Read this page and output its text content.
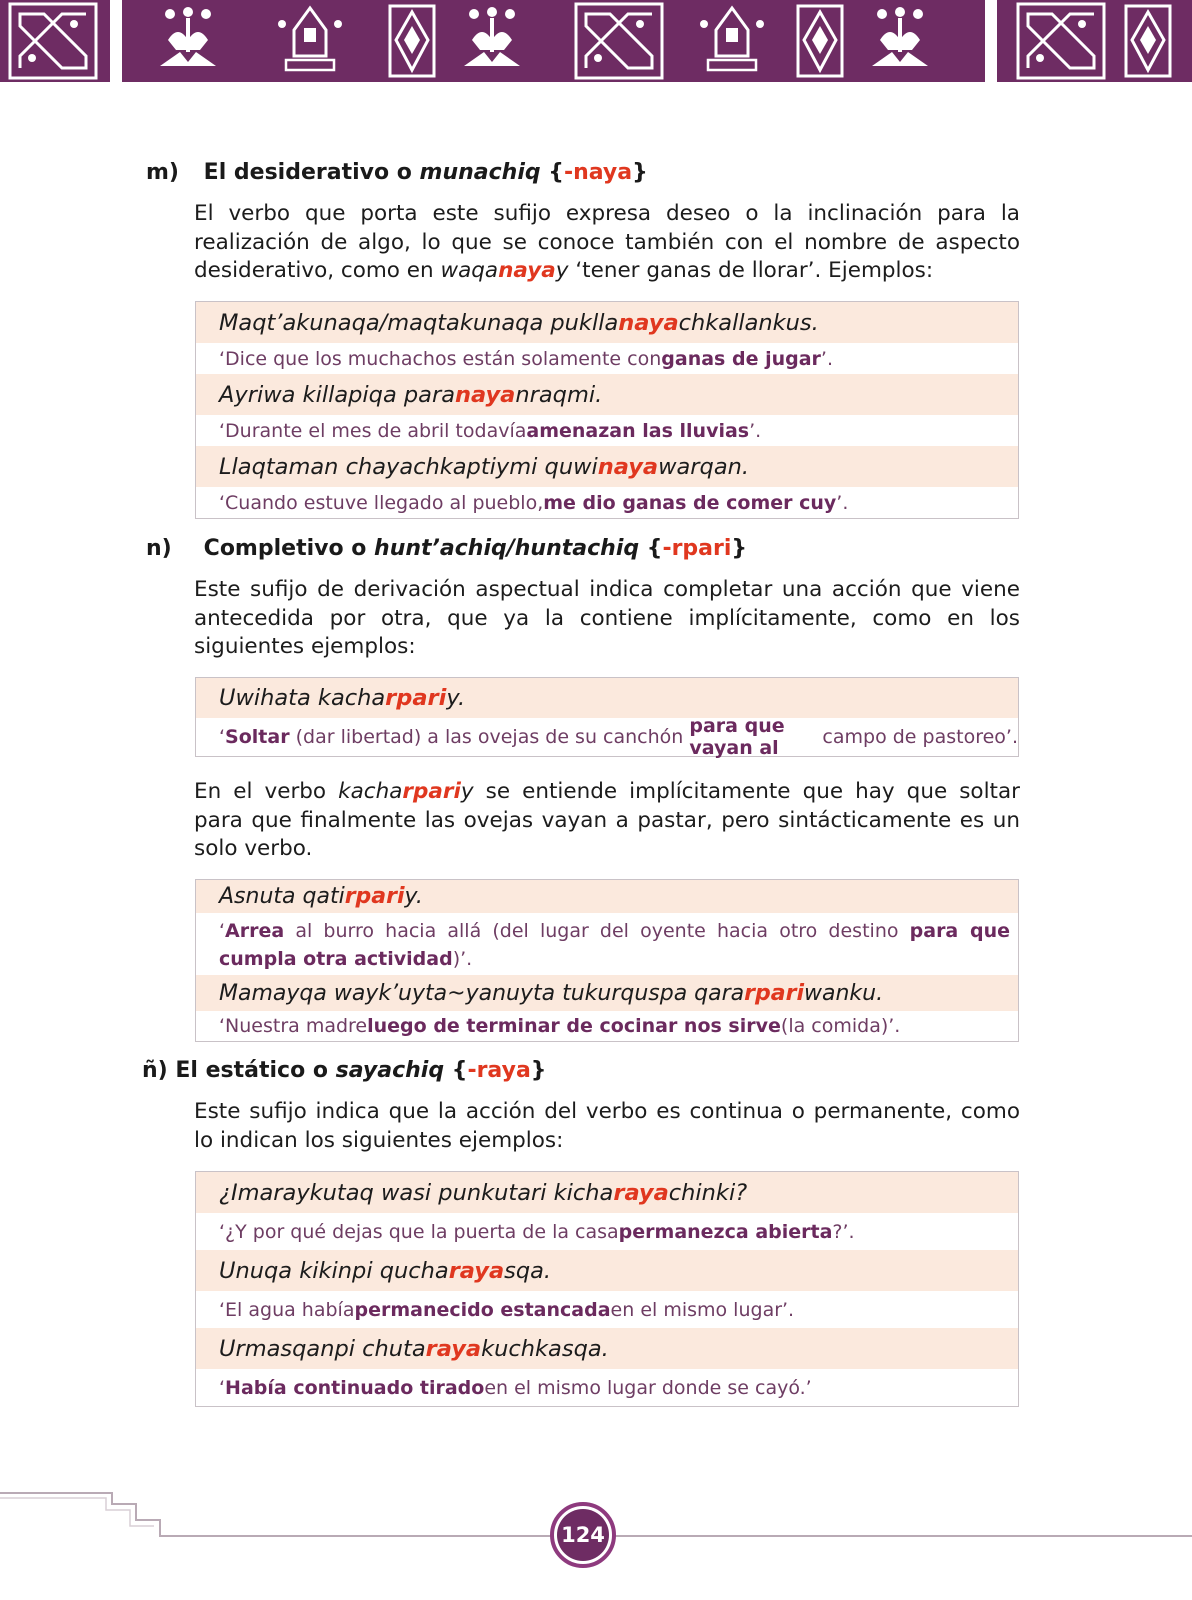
m) El desiderativo o munachiq {-naya}
El verbo que porta este sufijo expresa deseo o la inclinación para la realización de algo, lo que se conoce también con el nombre de aspecto desiderativo, como en waqanayay ‘tener ganas de llorar’. Ejemplos:
Maqt’akunaqa/maqtakunaqa puklla naya chkallankus.
‘Dice que los muchachos están solamente con ganas de jugar ’.
Ayriwa killapiqa para naya nraqmi.
‘Durante el mes de abril todavía amenazan las lluvias ’.
Llaqtaman chayachkaptiymi quwi naya warqan.
‘Cuando estuve llegado al pueblo, me dio ganas de comer cuy ’.
n) Completivo o hunt’achiq/huntachiq {-rpari}
Este sufijo de derivación aspectual indica completar una acción que viene antecedida por otra, que ya la contiene implícitamente, como en los siguientes ejemplos:
Uwihata kacha rpari y.
‘ Soltar (dar libertad) a las ovejas de su canchón para que vayan al	campo de pastoreo’.
En el verbo kacharpariy se entiende implícitamente que hay que soltar para que finalmente las ovejas vayan a pastar, pero sintácticamente es un solo verbo.
Asnuta qati rpari y.
‘Arrea al burro hacia allá (del lugar del oyente hacia otro destino para que cumpla otra actividad)’.
Mamayqa wayk’uyta~yanuyta tukurquspa qara rpari wanku.
‘Nuestra madre luego de terminar de cocinar nos sirve (la comida)’.
ñ) El estático o sayachiq {-raya}
Este sufijo indica que la acción del verbo es continua o permanente, como lo indican los siguientes ejemplos:
¿Imaraykutaq wasi punkutari kicha raya chinki?
‘¿Y por qué dejas que la puerta de la casa permanezca abierta ?’.
Unuqa kikinpi qucha raya sqa.
‘El agua había permanecido estancada en el mismo lugar’.
Urmasqanpi chuta raya kuchkasqa.
‘ Había continuado tirado en el mismo lugar donde se cayó.’
124
